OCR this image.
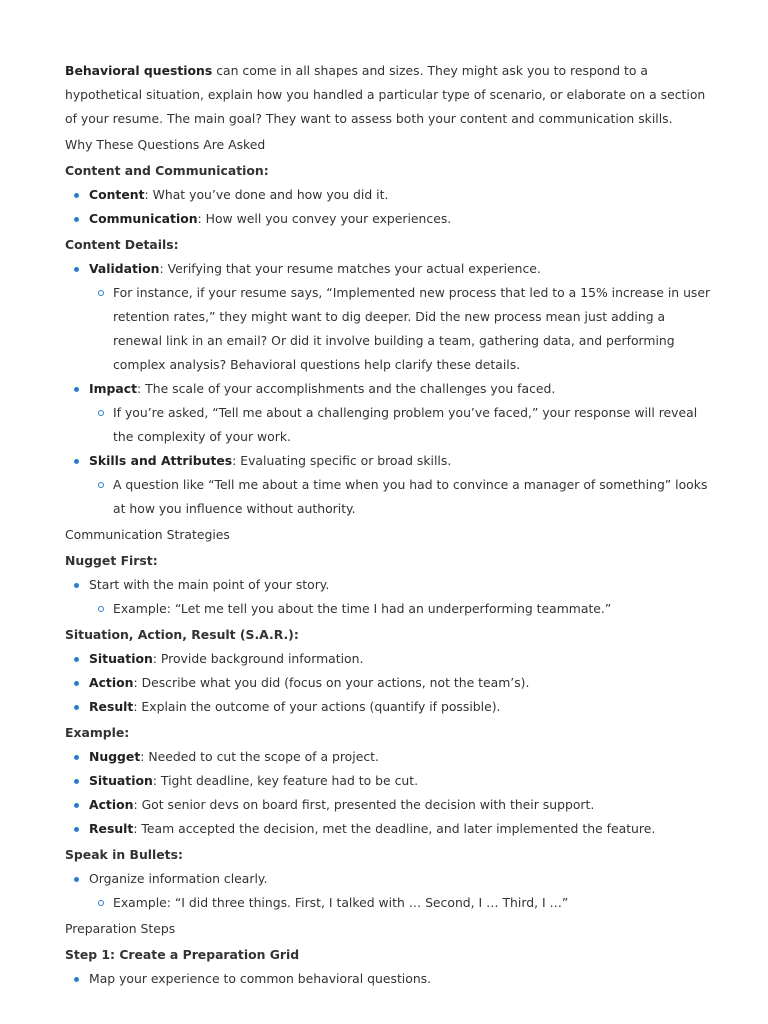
Behavioral questions can come in all shapes and sizes. They might ask you to respond to a hypothetical situation, explain how you handled a particular type of scenario, or elaborate on a section of your resume. The main goal? They want to assess both your content and communication skills.

Why These Questions Are Asked

Content and Communication:

Content: What you’ve done and how you did it.
Communication: How well you convey your experiences.

Content Details:

Validation: Verifying that your resume matches your actual experience.
For instance, if your resume says, “Implemented new process that led to a 15% increase in user retention rates,” they might want to dig deeper. Did the new process mean just adding a renewal link in an email? Or did it involve building a team, gathering data, and performing complex analysis? Behavioral questions help clarify these details.
Impact: The scale of your accomplishments and the challenges you faced.
If you’re asked, “Tell me about a challenging problem you’ve faced,” your response will reveal the complexity of your work.
Skills and Attributes: Evaluating specific or broad skills.
A question like “Tell me about a time when you had to convince a manager of something” looks at how you influence without authority.

Communication Strategies

Nugget First:

Start with the main point of your story.
Example: “Let me tell you about the time I had an underperforming teammate.”

Situation, Action, Result (S.A.R.):

Situation: Provide background information.
Action: Describe what you did (focus on your actions, not the team’s).
Result: Explain the outcome of your actions (quantify if possible).

Example:

Nugget: Needed to cut the scope of a project.
Situation: Tight deadline, key feature had to be cut.
Action: Got senior devs on board first, presented the decision with their support.
Result: Team accepted the decision, met the deadline, and later implemented the feature.

Speak in Bullets:

Organize information clearly.
Example: “I did three things. First, I talked with … Second, I … Third, I …”

Preparation Steps

Step 1: Create a Preparation Grid

Map your experience to common behavioral questions.
